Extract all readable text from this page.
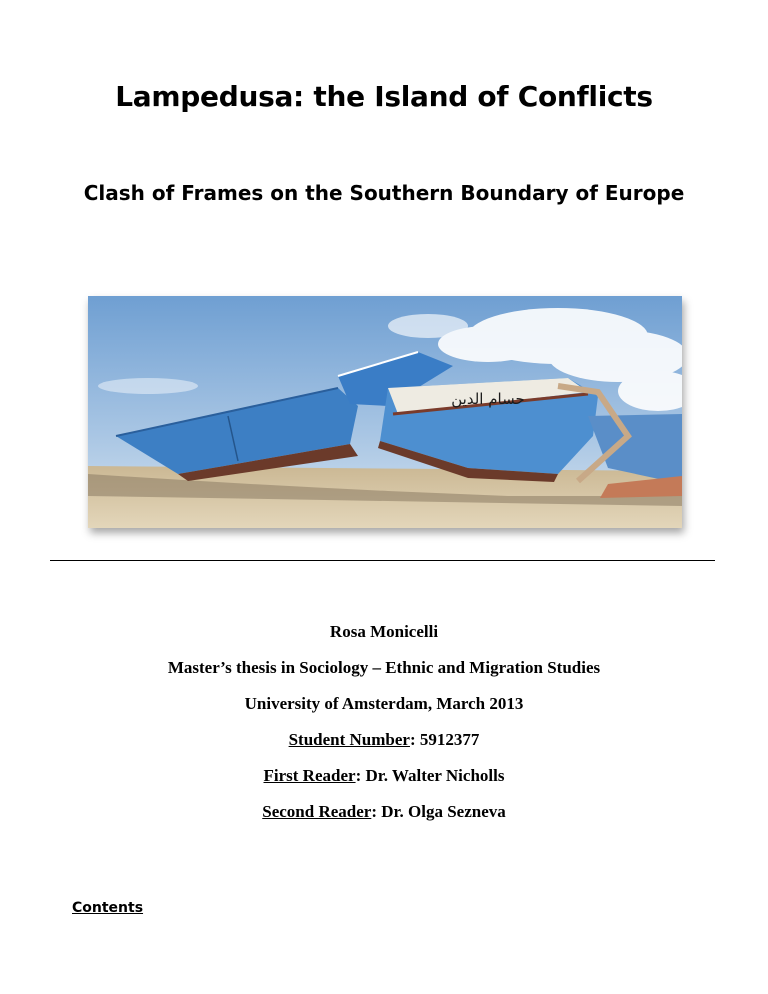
Lampedusa: the Island of Conflicts
Clash of Frames on the Southern Boundary of Europe
حسام الدين
Rosa Monicelli
Master’s thesis in Sociology – Ethnic and Migration Studies
University of Amsterdam, March 2013
Student Number: 5912377
First Reader: Dr. Walter Nicholls
Second Reader: Dr. Olga Sezneva
Contents
